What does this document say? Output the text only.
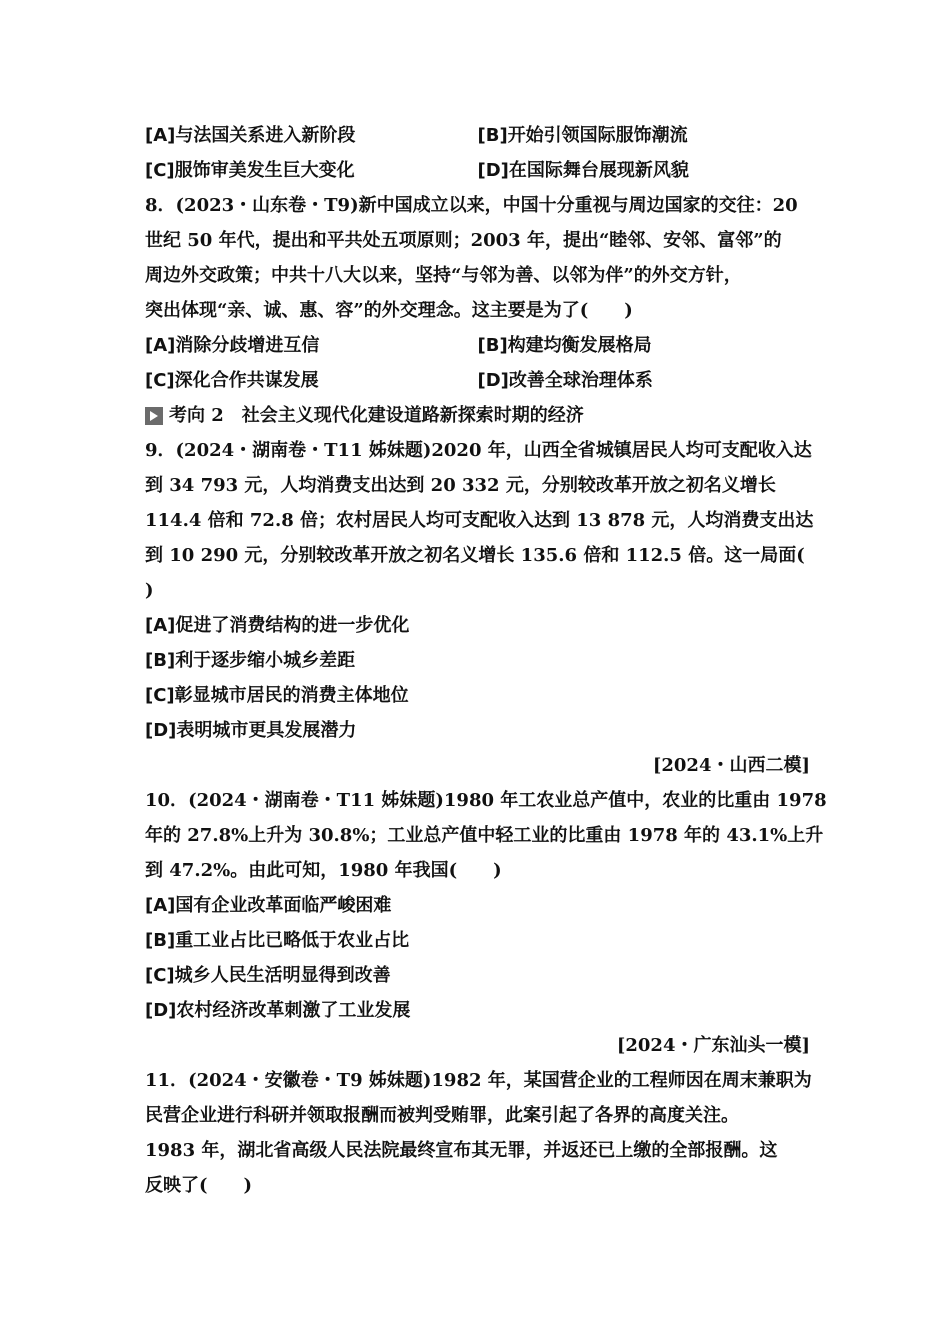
[A]与法国关系进入新阶段	[B]开始引领国际服饰潮流
[C]服饰审美发生巨大变化	[D]在国际舞台展现新风貌
8．(2023・山东卷・T9)新中国成立以来，中国十分重视与周边国家的交往：20
世纪 50 年代，提出和平共处五项原则；2003 年，提出“睦邻、安邻、富邻”的
周边外交政策；中共十八大以来，坚持“与邻为善、以邻为伴”的外交方针，
突出体现“亲、诚、惠、容”的外交理念。这主要是为了(　　)
[A]消除分歧增进互信	[B]构建均衡发展格局
[C]深化合作共谋发展	[D]改善全球治理体系
考向 2 社会主义现代化建设道路新探索时期的经济
9．(2024・湖南卷・T11 姊妹题)2020 年，山西全省城镇居民人均可支配收入达
到 34 793 元，人均消费支出达到 20 332 元，分别较改革开放之初名义增长
114.4 倍和 72.8 倍；农村居民人均可支配收入达到 13 878 元，人均消费支出达
到 10 290 元，分别较改革开放之初名义增长 135.6 倍和 112.5 倍。这一局面(
)
[A]促进了消费结构的进一步优化
[B]利于逐步缩小城乡差距
[C]彰显城市居民的消费主体地位
[D]表明城市更具发展潜力
[2024・山西二模]
10．(2024・湖南卷・T11 姊妹题)1980 年工农业总产值中，农业的比重由 1978
年的 27.8%上升为 30.8%；工业总产值中轻工业的比重由 1978 年的 43.1%上升
到 47.2%。由此可知，1980 年我国(　　)
[A]国有企业改革面临严峻困难
[B]重工业占比已略低于农业占比
[C]城乡人民生活明显得到改善
[D]农村经济改革刺激了工业发展
[2024・广东汕头一模]
11．(2024・安徽卷・T9 姊妹题)1982 年，某国营企业的工程师因在周末兼职为
民营企业进行科研并领取报酬而被判受贿罪，此案引起了各界的高度关注。
1983 年，湖北省高级人民法院最终宣布其无罪，并返还已上缴的全部报酬。这
反映了(　　)
